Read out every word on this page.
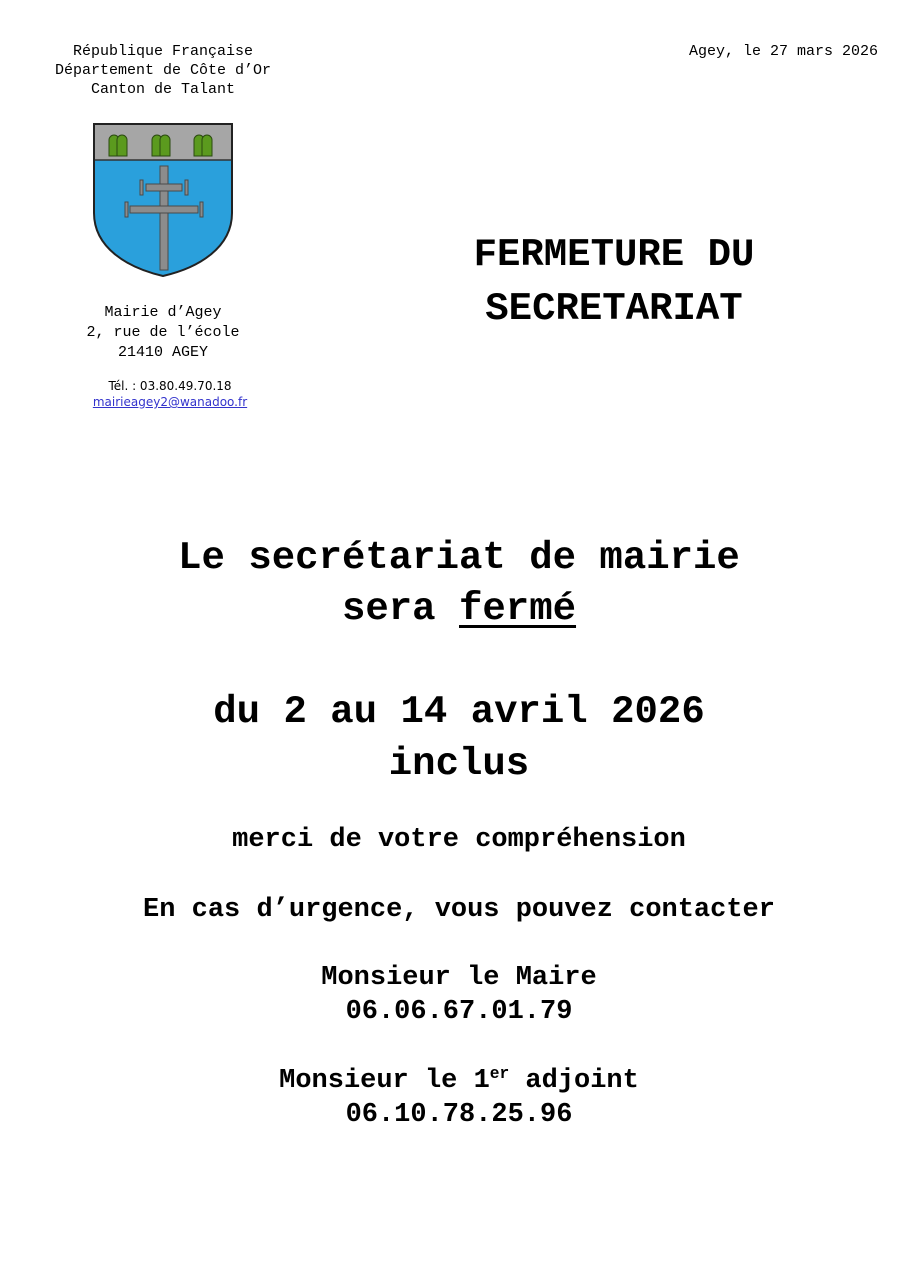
République Française
Département de Côte d’Or
Canton de Talant
Agey, le 27 mars 2026
Mairie d’Agey
2, rue de l’école
21410 AGEY
Tél. : 03.80.49.70.18
mairieagey2@wanadoo.fr
FERMETURE DU
SECRETARIAT
Le secrétariat de mairie
sera fermé
du 2 au 14 avril 2026
inclus
merci de votre compréhension
En cas d’urgence, vous pouvez contacter
Monsieur le Maire
06.06.67.01.79
Monsieur le 1er adjoint
06.10.78.25.96
